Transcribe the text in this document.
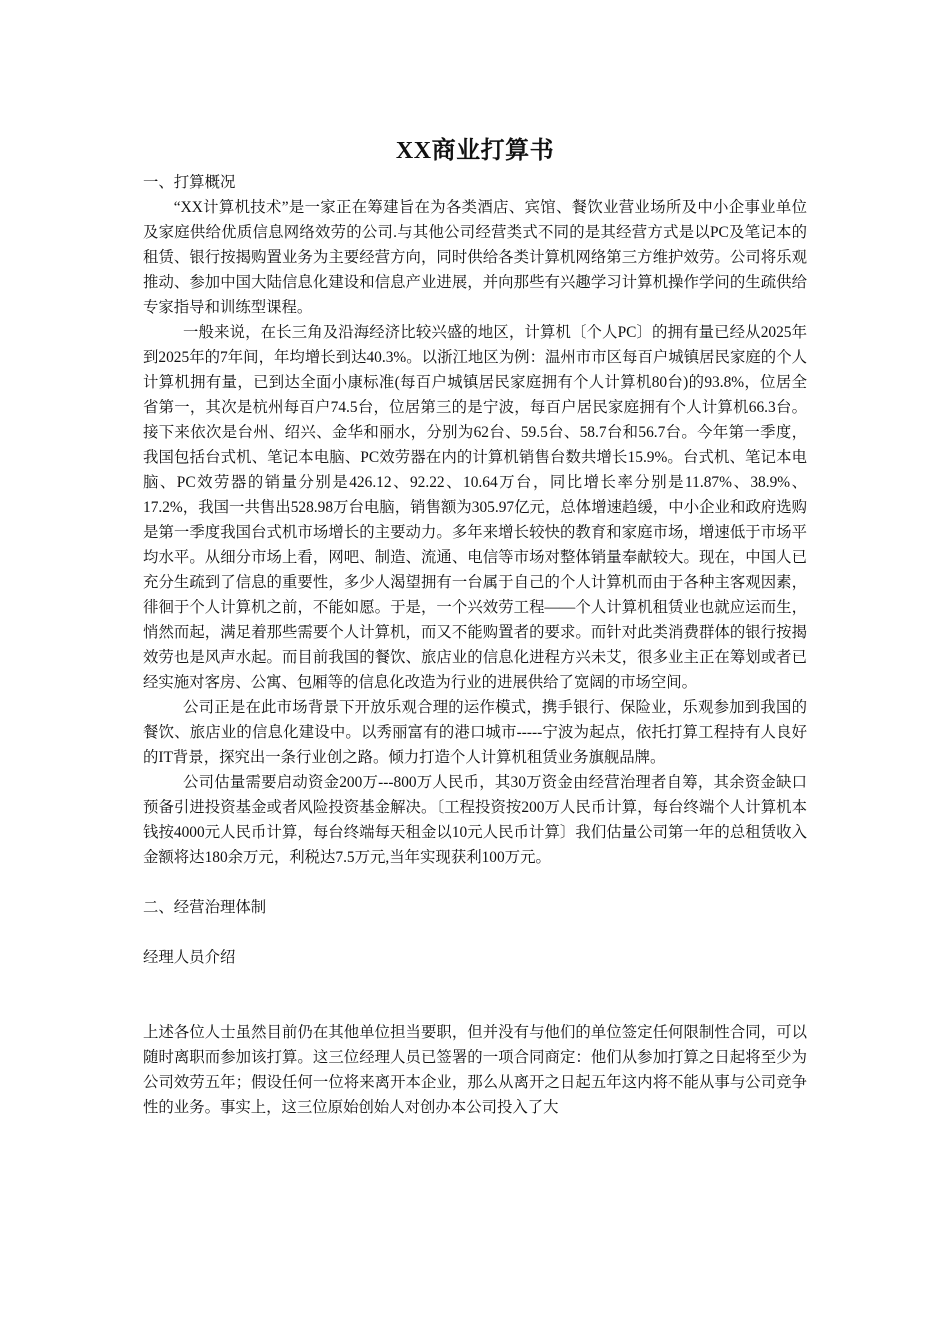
XX商业打算书

一、打算概况

“XX计算机技术”是一家正在筹建旨在为各类酒店、宾馆、餐饮业营业场所及中小企事业单位及家庭供给优质信息网络效劳的公司.与其他公司经营类式不同的是其经营方式是以PC及笔记本的租赁、银行按揭购置业务为主要经营方向，同时供给各类计算机网络第三方维护效劳。公司将乐观推动、参加中国大陆信息化建设和信息产业进展，并向那些有兴趣学习计算机操作学问的生疏供给专家指导和训练型课程。

一般来说，在长三角及沿海经济比较兴盛的地区，计算机〔个人PC〕的拥有量已经从2025年到2025年的7年间，年均增长到达40.3%。以浙江地区为例：温州市市区每百户城镇居民家庭的个人计算机拥有量，已到达全面小康标准(每百户城镇居民家庭拥有个人计算机80台)的93.8%，位居全省第一，其次是杭州每百户74.5台，位居第三的是宁波，每百户居民家庭拥有个人计算机66.3台。接下来依次是台州、绍兴、金华和丽水，分别为62台、59.5台、58.7台和56.7台。今年第一季度，我国包括台式机、笔记本电脑、PC效劳器在内的计算机销售台数共增长15.9%。台式机、笔记本电脑、PC效劳器的销量分别是426.12、92.22、10.64万台，同比增长率分别是11.87%、38.9%、17.2%，我国一共售出528.98万台电脑，销售额为305.97亿元，总体增速趋缓，中小企业和政府选购是第一季度我国台式机市场增长的主要动力。多年来增长较快的教育和家庭市场，增速低于市场平均水平。从细分市场上看，网吧、制造、流通、电信等市场对整体销量奉献较大。现在，中国人已充分生疏到了信息的重要性，多少人渴望拥有一台属于自己的个人计算机而由于各种主客观因素，徘徊于个人计算机之前，不能如愿。于是，一个兴效劳工程——个人计算机租赁业也就应运而生，悄然而起，满足着那些需要个人计算机，而又不能购置者的要求。而针对此类消费群体的银行按揭效劳也是风声水起。而目前我国的餐饮、旅店业的信息化进程方兴未艾，很多业主正在筹划或者已经实施对客房、公寓、包厢等的信息化改造为行业的进展供给了宽阔的市场空间。

公司正是在此市场背景下开放乐观合理的运作模式，携手银行、保险业，乐观参加到我国的餐饮、旅店业的信息化建设中。以秀丽富有的港口城市-----宁波为起点，依托打算工程持有人良好的IT背景，探究出一条行业创之路。倾力打造个人计算机租赁业务旗舰品牌。

公司估量需要启动资金200万---800万人民币，其30万资金由经营治理者自筹，其余资金缺口预备引进投资基金或者风险投资基金解决。〔工程投资按200万人民币计算，每台终端个人计算机本钱按4000元人民币计算，每台终端每天租金以10元人民币计算〕我们估量公司第一年的总租赁收入金额将达180余万元，利税达7.5万元,当年实现获利100万元。

二、经营治理体制

经理人员介绍

上述各位人士虽然目前仍在其他单位担当要职，但并没有与他们的单位签定任何限制性合同，可以随时离职而参加该打算。这三位经理人员已签署的一项合同商定：他们从参加打算之日起将至少为公司效劳五年；假设任何一位将来离开本企业，那么从离开之日起五年这内将不能从事与公司竞争性的业务。事实上，这三位原始创始人对创办本公司投入了大
